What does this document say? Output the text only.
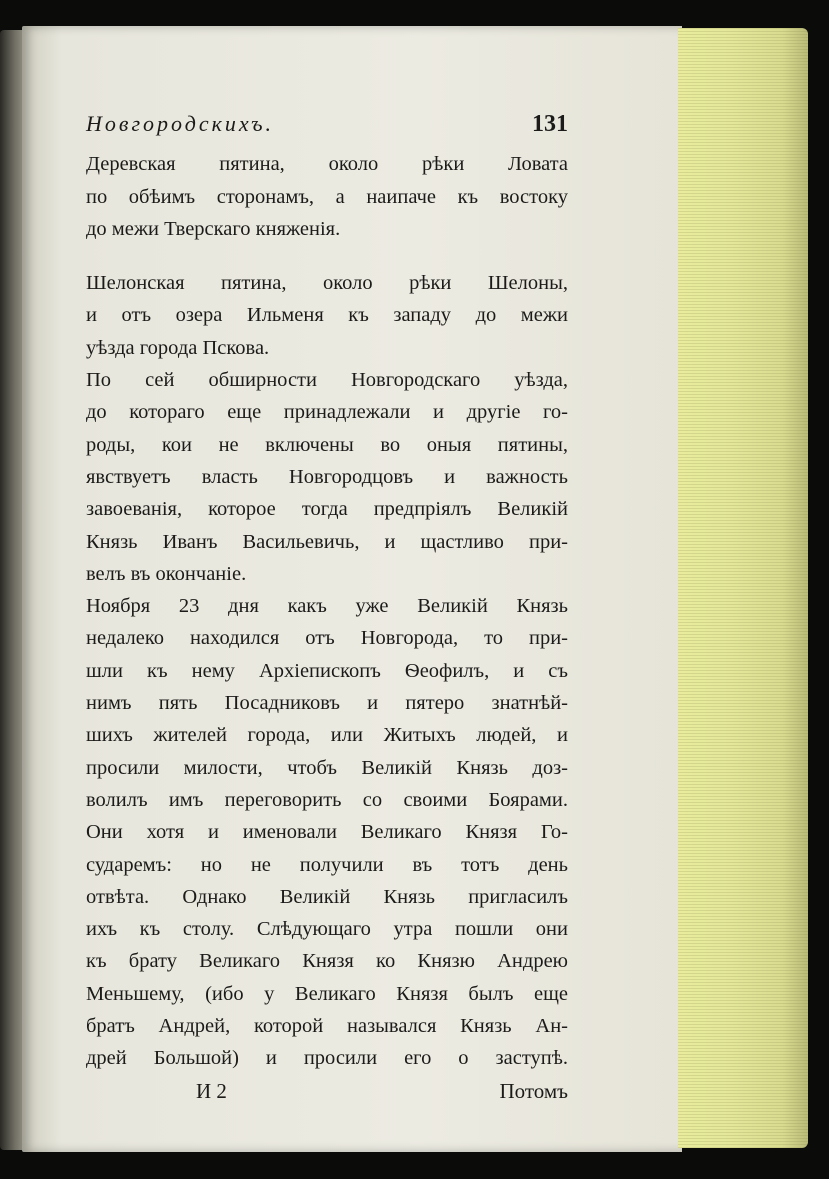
Новгородскихъ.	131
Деревская пятина, около рѣки Ловата
по обѣимъ сторонамъ, а наипаче къ востоку
до межи Тверскаго княженія.
Шелонская пятина, около рѣки Шелоны,
и отъ озера Ильменя къ западу до межи
уѣзда города Пскова.
По сей обширности Новгородскаго уѣзда,
до котораго еще принадлежали и другіе го-
роды, кои не включены во оныя пятины,
явствуетъ власть Новгородцовъ и важность
завоеванія, которое тогда предпріялъ Великій
Князь Иванъ Васильевичь, и щастливо при-
велъ въ окончаніе.
Ноября 23 дня какъ уже Великій Князь
недалеко находился отъ Новгорода, то при-
шли къ нему Архіепископъ Ѳеофилъ, и съ
нимъ пять Посадниковъ и пятеро знатнѣй-
шихъ жителей города, или Житыхъ людей, и
просили милости, чтобъ Великій Князь доз-
волилъ имъ переговорить со своими Боярами.
Они хотя и именовали Великаго Князя Го-
сударемъ: но не получили въ тотъ день
отвѣта. Однако Великій Князь пригласилъ
ихъ къ столу. Слѣдующаго утра пошли они
къ брату Великаго Князя ко Князю Андрею
Меньшему, (ибо у Великаго Князя былъ еще
братъ Андрей, которой назывался Князь Ан-
дрей Большой) и просили его о заступѣ.
И 2	Потомъ
